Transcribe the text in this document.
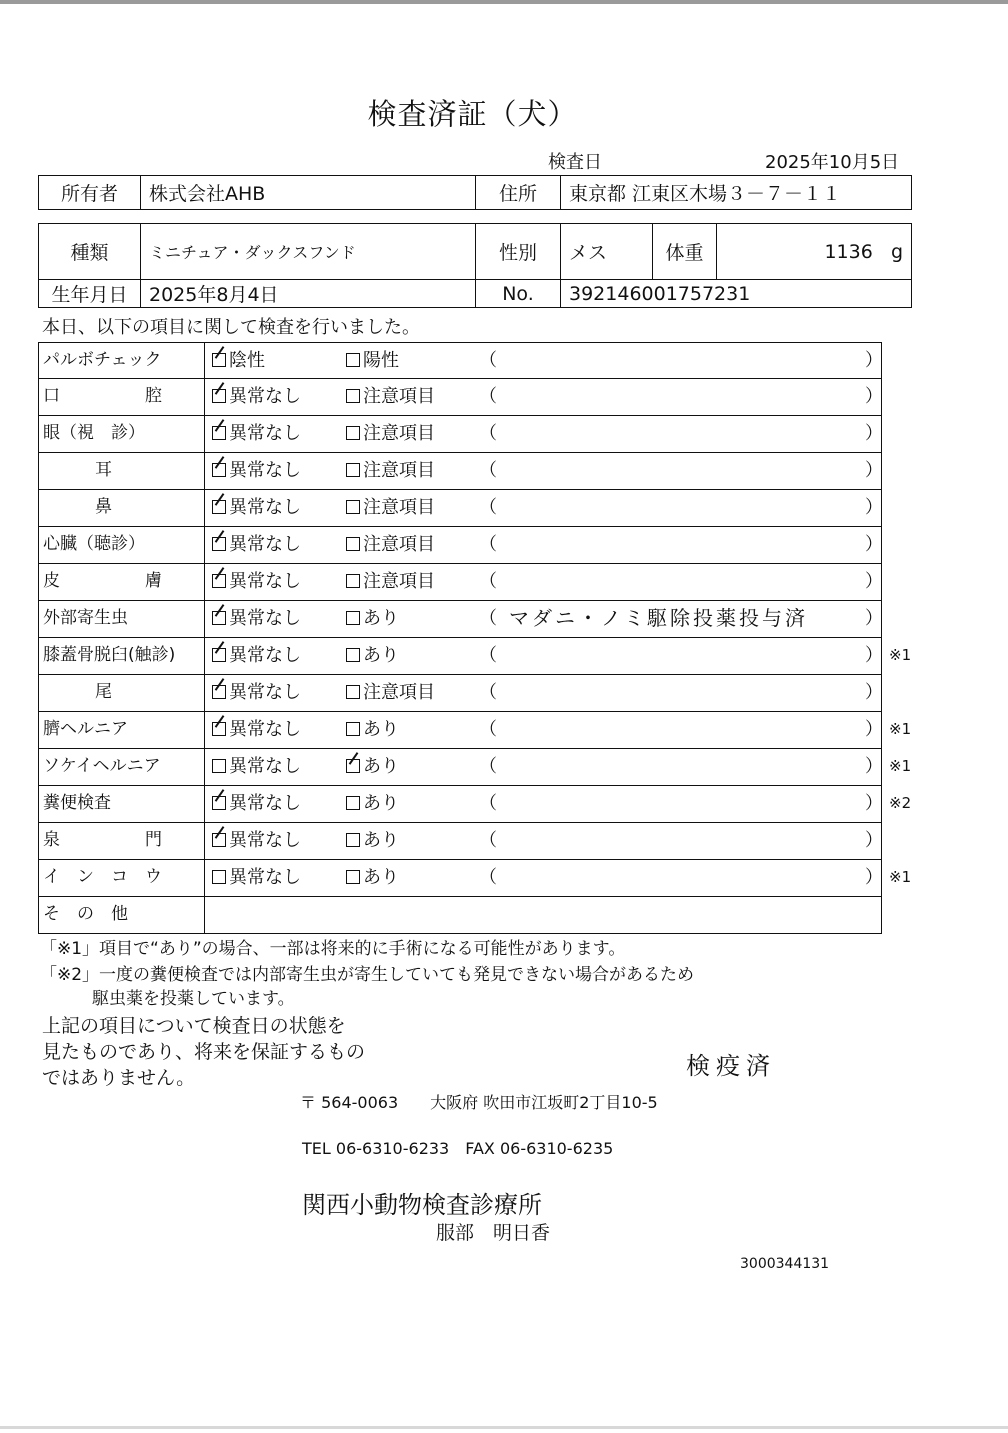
検査済証（犬）
検査日	2025年10月5日
所有者	株式会社AHB	住所	東京都 江東区木場３－７－１１
種類	ミニチュア・ダックスフンド	性別	メス	体重	1136 g
生年月日	2025年8月4日	No.	392146001757231		
本日、以下の項目に関して検査を行いました。
パルボチェック	陰性	陽性	（	）
口　　　　　腔	異常なし	注意項目 （	）
眼（視　診）	異常なし	注意項目 （	）
耳	異常なし	注意項目 （	）
鼻	異常なし	注意項目 （	）
心臓（聴診）	異常なし	注意項目 （	）
皮　　　　　膚	異常なし	注意項目 （	）
外部寄生虫	異常なし	あり	（ マダニ・ノミ駆除投薬投与済	）
膝蓋骨脱臼(触診)	異常なし	あり	（	） ※1
尾	異常なし	注意項目 （	）
臍ヘルニア	異常なし	あり	（	） ※1
ソケイヘルニア	異常なし	あり	（	） ※1
糞便検査	異常なし	あり	（	） ※2
泉　　　　　門	異常なし	あり	（	）
イ　ン　コ　ウ	異常なし	あり	（	） ※1
そ　の　他
「※1」項目で“あり”の場合、一部は将来的に手術になる可能性があります。
「※2」一度の糞便検査では内部寄生虫が寄生していても発見できない場合があるため
駆虫薬を投薬しています。
上記の項目について検査日の状態を
見たものであり、将来を保証するもの
ではありません。	検疫済
〒 564-0063　　大阪府 吹田市江坂町2丁目10-5
TEL 06-6310-6233　FAX 06-6310-6235
関西小動物検査診療所
服部　明日香
3000344131
